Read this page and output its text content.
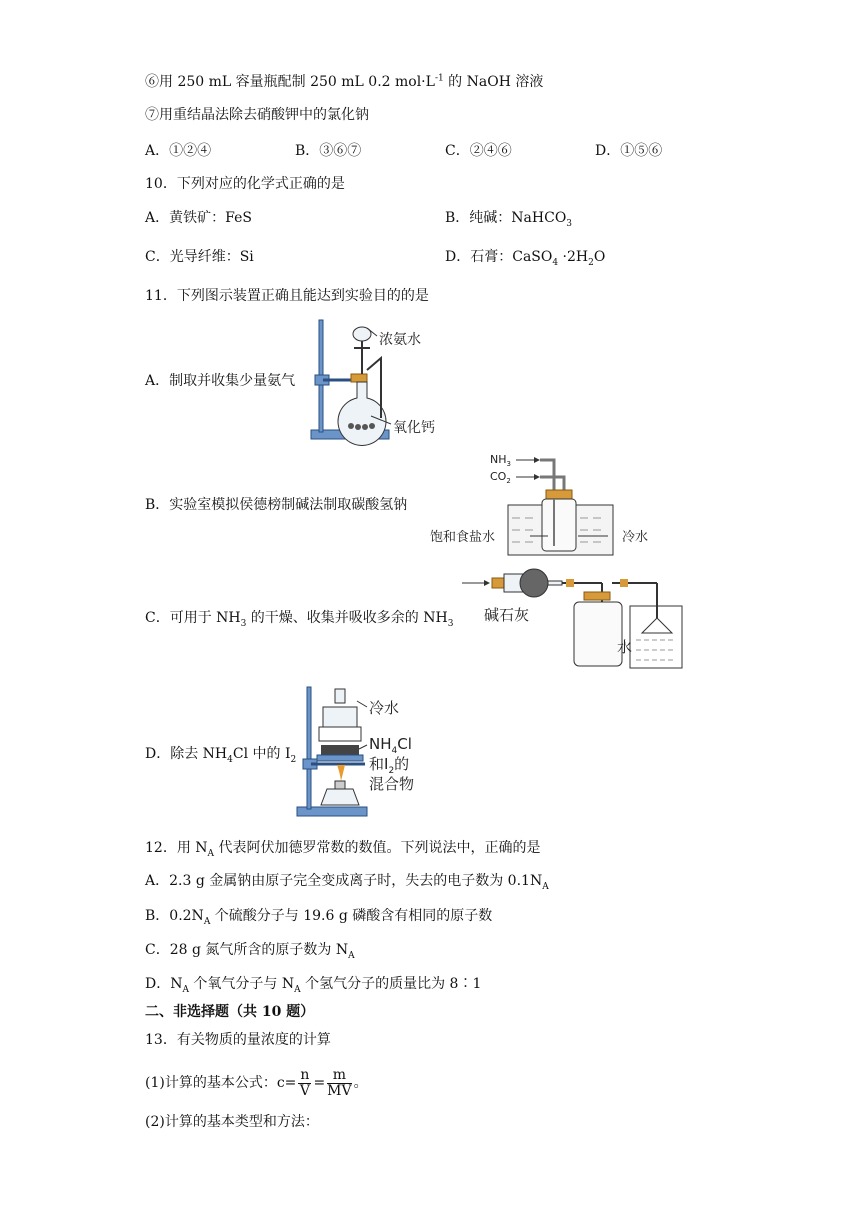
⑥用 250 mL 容量瓶配制 250 mL 0.2 $mol\cdot L^{-1}$ 的 NaOH 溶液
⑦用重结晶法除去硝酸钾中的氯化钠
A．①②④	B．③⑥⑦	C．②④⑥	D．①⑤⑥
10．下列对应的化学式正确的是
A．黄铁矿：FeS	B．纯碱：NaHCO$_3$
C．光导纤维：Si	D．石膏：CaSO$_4$ $\cdot 2H_2O$
11．下列图示装置正确且能达到实验目的的是
A．制取并收集少量氨气
B．实验室模拟侯德榜制碱法制取碳酸氢钠
C．可用于 $NH_3$ 的干燥、收集并吸收多余的 $NH_3$
D．除去 $NH_4Cl$ 中的 $I_2$
浓氨水
氧化钙
$NH_3$
$CO_2$
饱和食盐水	冷水
碱石灰
水
冷水
$NH_4Cl$
和$I_2$的
混合物
12．用 $N_A$ 代表阿伏加德罗常数的数值。下列说法中，正确的是
A．2.3 g 金属钠由原子完全变成离子时，失去的电子数为 $0.1N_A$
B．$0.2N_A$ 个硫酸分子与 19.6 g 磷酸含有相同的原子数
C．28 g 氮气所含的原子数为 $N_A$
D．$N_A$ 个氧气分子与 $N_A$ 个氢气分子的质量比为 8∶1
二、非选择题（共 10 题）
13．有关物质的量浓度的计算
(1)计算的基本公式：$c= \frac{n}{V} = \frac{m}{MV}$ 。
(2)计算的基本类型和方法：
